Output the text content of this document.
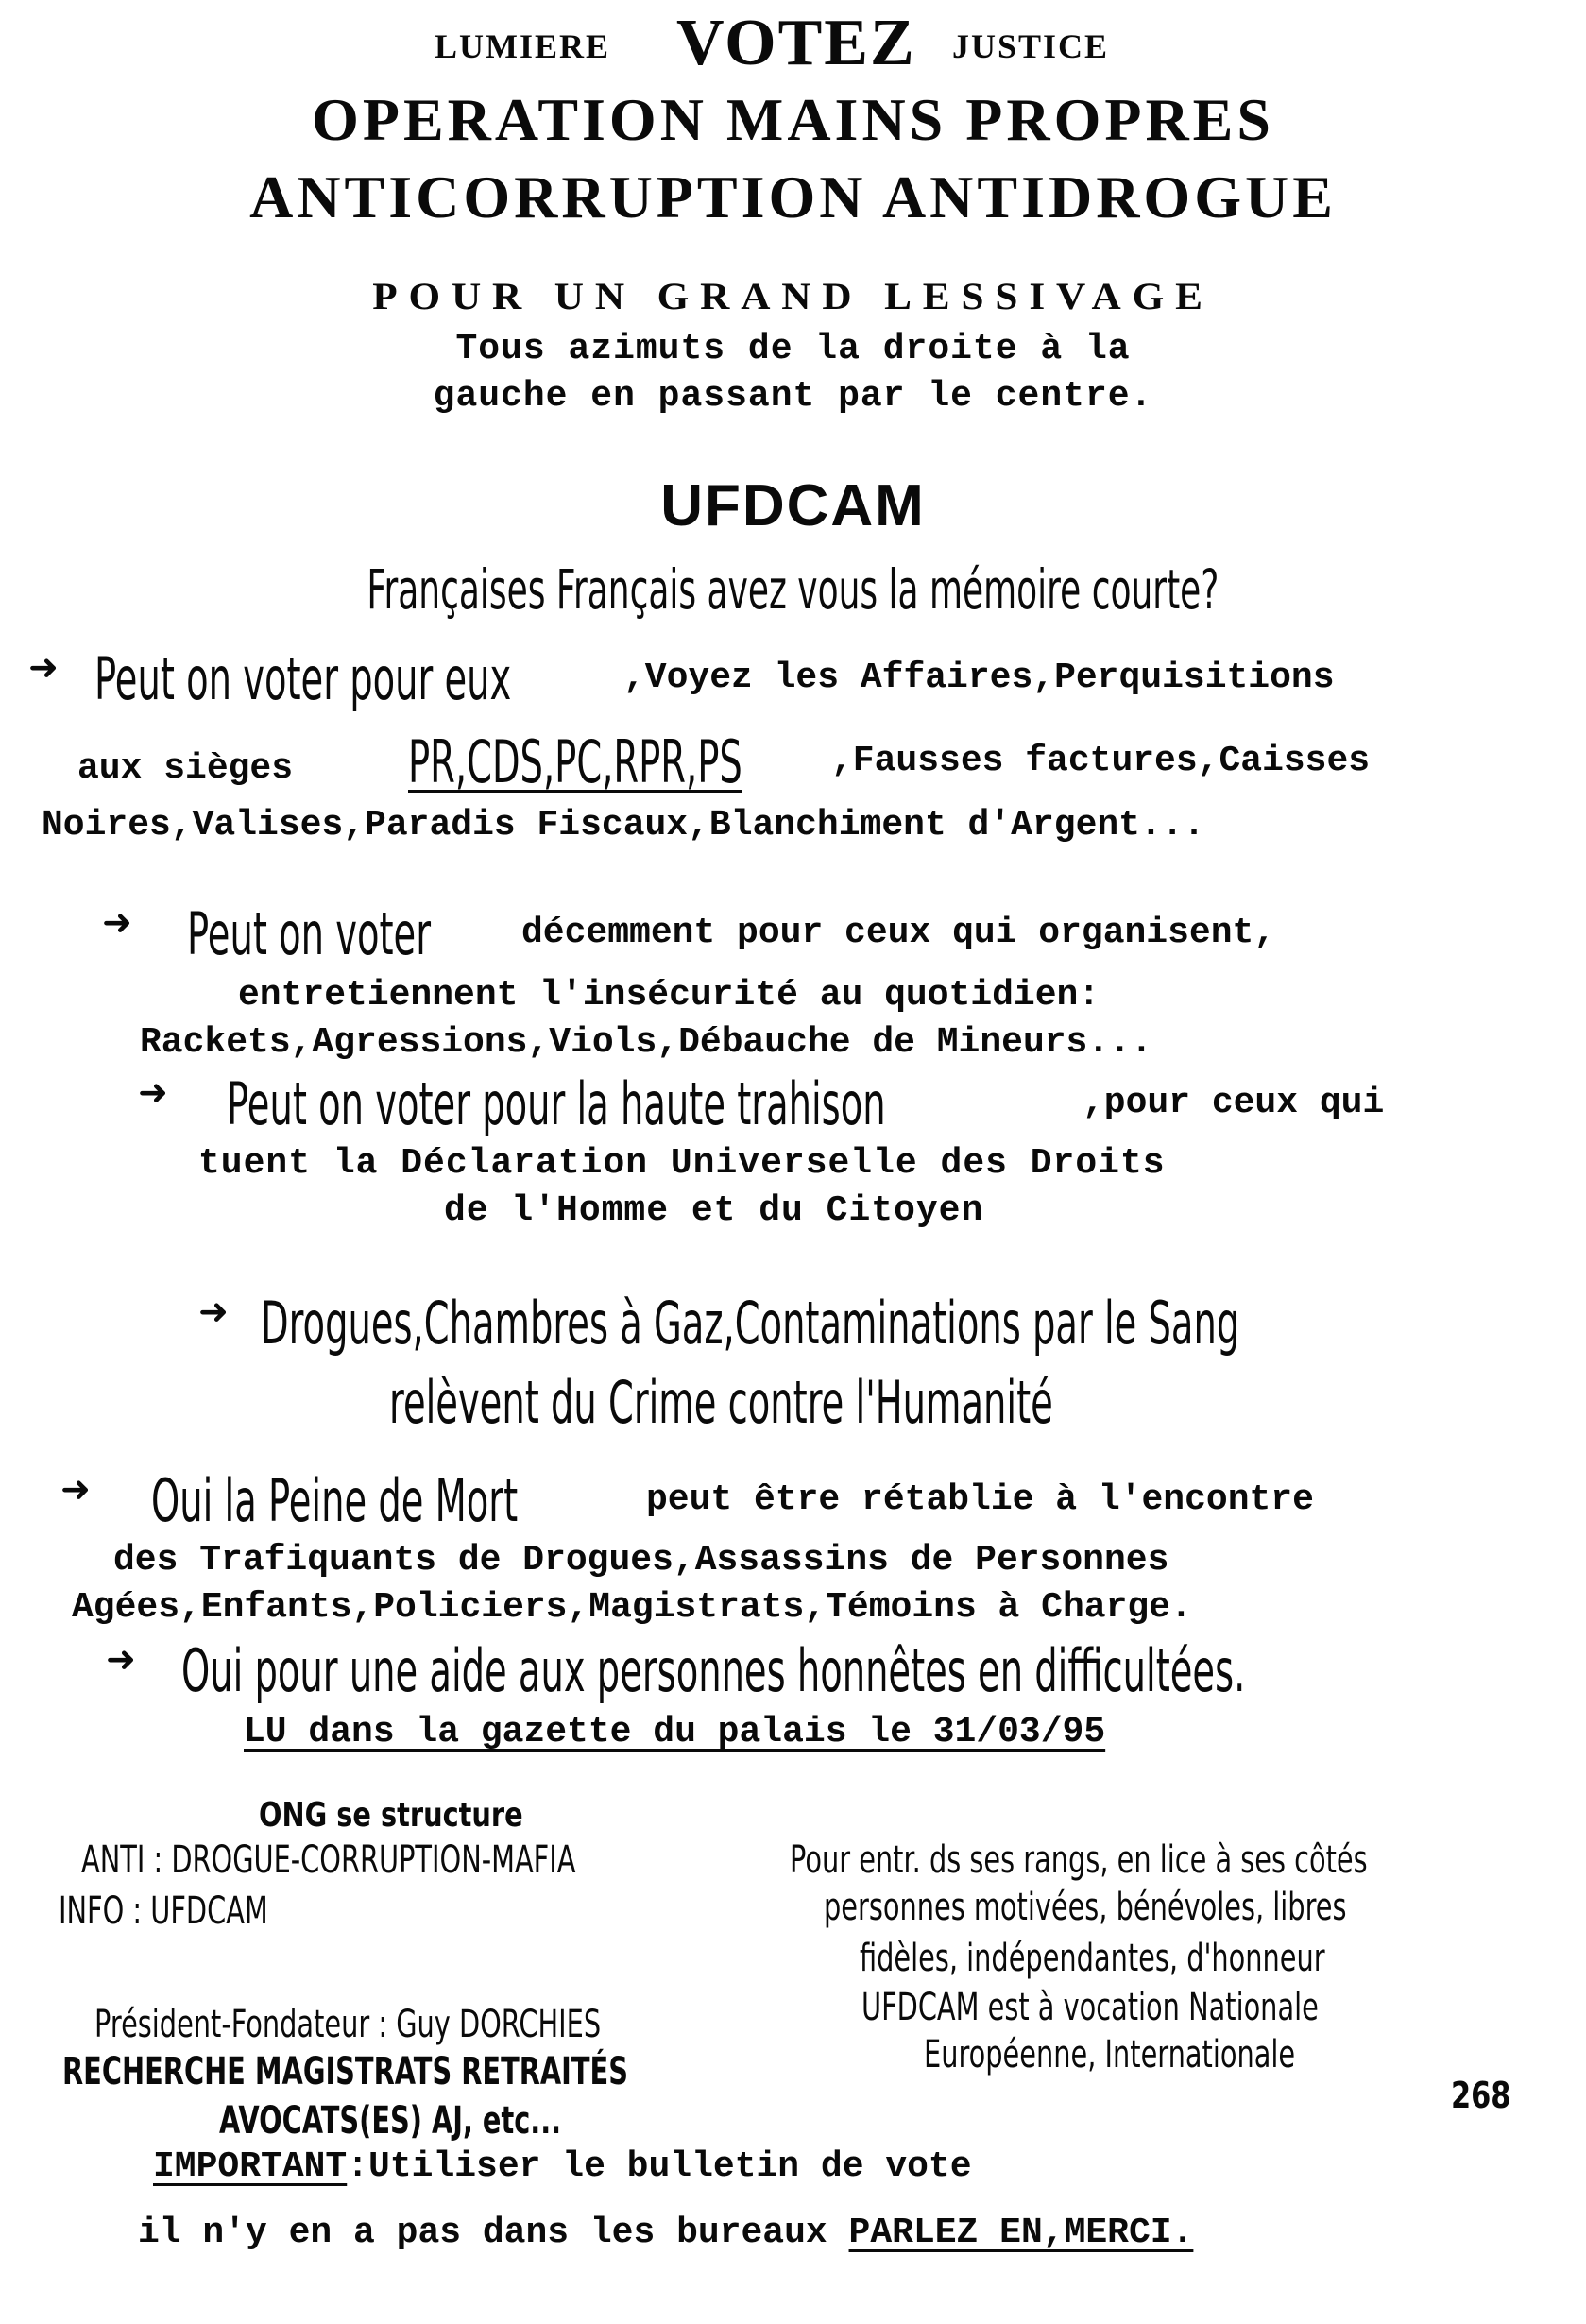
LUMIERE VOTEZ JUSTICE
OPERATION MAINS PROPRES
ANTICORRUPTION ANTIDROGUE
POUR UN GRAND LESSIVAGE
Tous azimuts de la droite à la
gauche en passant par le centre.
UFDCAM
Françaises Français avez vous la mémoire courte?
➜ Peut on voter pour eux	,Voyez les Affaires,Perquisitions
aux sièges PR,CDS,PC,RPR,PS	,Fausses factures,Caisses
Noires,Valises,Paradis Fiscaux,Blanchiment d'Argent...
➜ Peut on voter	décemment pour ceux qui organisent,
entretiennent l'insécurité au quotidien:
Rackets,Agressions,Viols,Débauche de Mineurs...
➜ Peut on voter pour la haute trahison	,pour ceux qui
tuent la Déclaration Universelle des Droits
de l'Homme et du Citoyen
➜ Drogues,Chambres à Gaz,Contaminations par le Sang
relèvent du Crime contre l'Humanité
➜ Oui la Peine de Mort	peut être rétablie à l'encontre
des Trafiquants de Drogues,Assassins de Personnes
Agées,Enfants,Policiers,Magistrats,Témoins à Charge.
➜ Oui pour une aide aux personnes honnêtes en difficultées.
LU dans la gazette du palais le 31/03/95
ONG se structure
ANTI : DROGUE-CORRUPTION-MAFIA
INFO : UFDCAM
Président-Fondateur : Guy DORCHIES
RECHERCHE MAGISTRATS RETRAITÉS
AVOCATS(ES) AJ, etc...
Pour entr. ds ses rangs, en lice à ses côtés
personnes motivées, bénévoles, libres
fidèles, indépendantes, d'honneur
UFDCAM est à vocation Nationale
Européenne, Internationale
268
IMPORTANT:Utiliser le bulletin de vote
il n'y en a pas dans les bureaux PARLEZ EN,MERCI.
